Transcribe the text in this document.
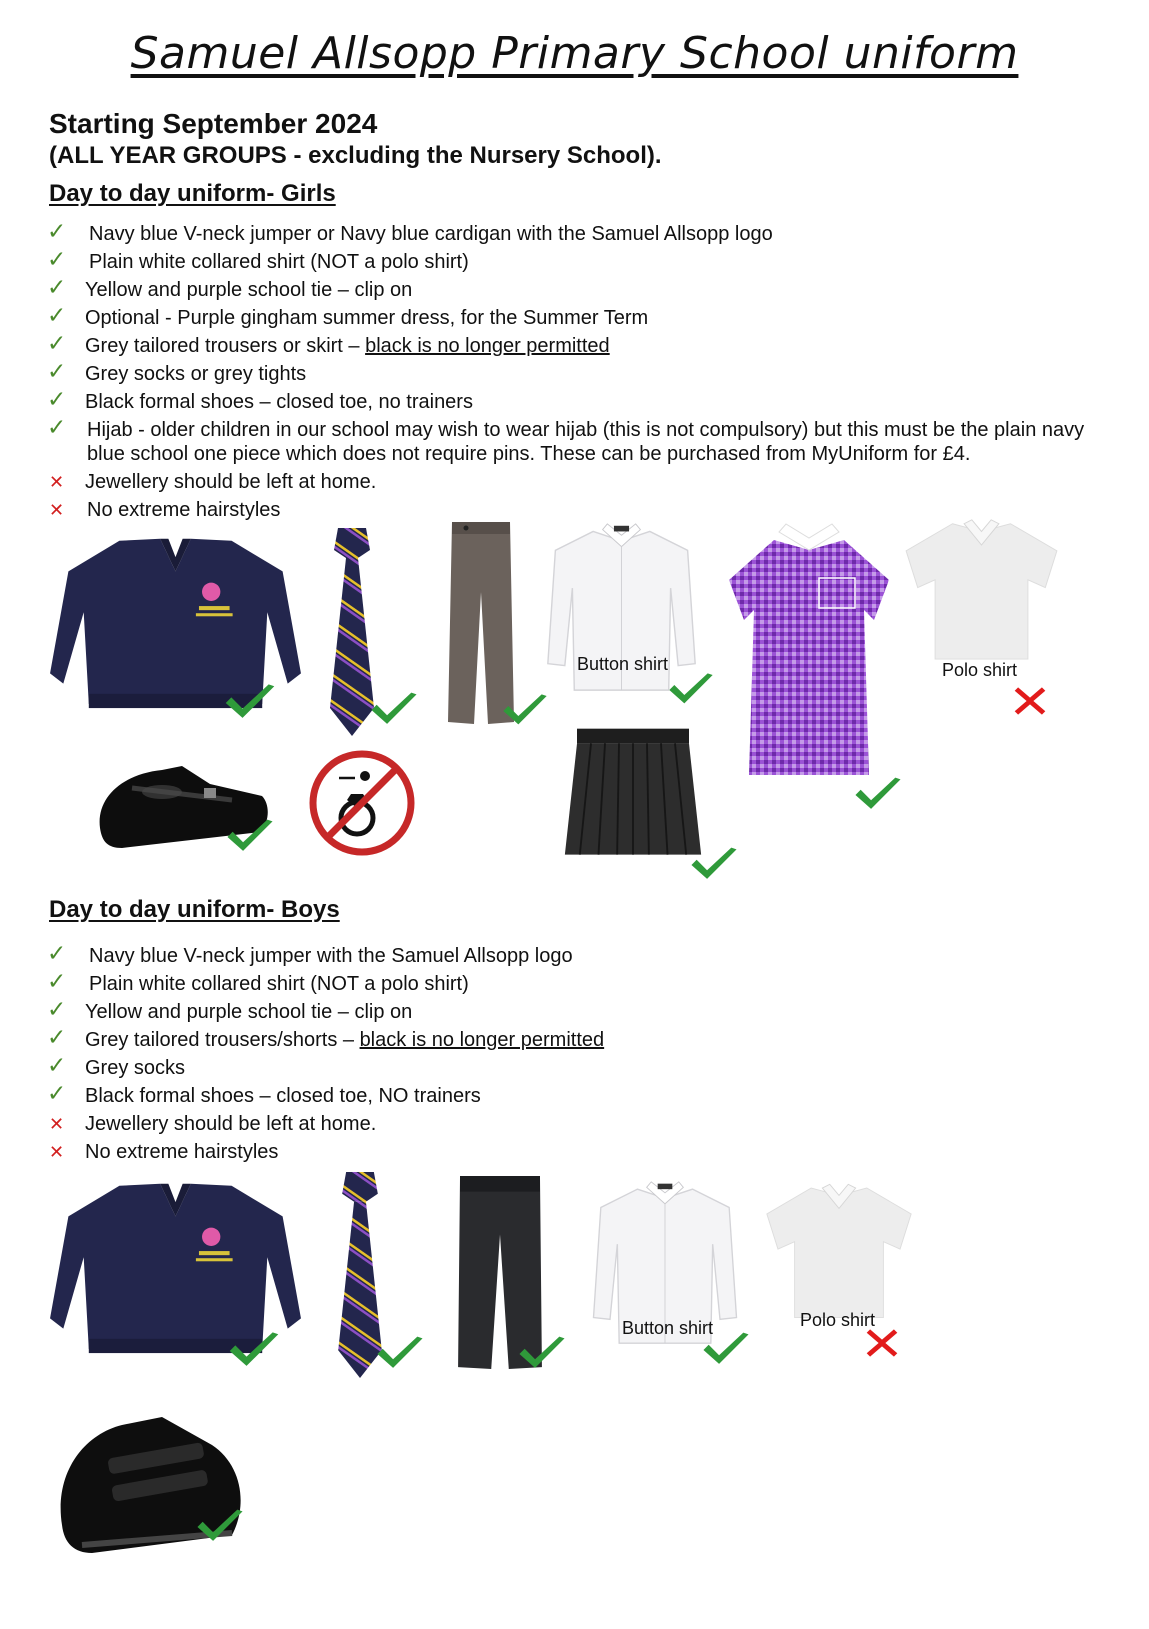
Samuel Allsopp Primary School uniform
Starting September 2024
(ALL YEAR GROUPS - excluding the Nursery School).
Day to day uniform- Girls
✓ Navy blue V-neck jumper or Navy blue cardigan with the Samuel Allsopp logo
✓ Plain white collared shirt (NOT a polo shirt)
✓ Yellow and purple school tie – clip on
✓ Optional - Purple gingham summer dress, for the Summer Term
✓ Grey tailored trousers or skirt – black is no longer permitted
✓ Grey socks or grey tights
✓ Black formal shoes – closed toe, no trainers
✓ Hijab - older children in our school may wish to wear hijab (this is not compulsory) but this must be the plain navy blue school one piece which does not require pins. These can be purchased from MyUniform for £4.
✕ Jewellery should be left at home.
✕ No extreme hairstyles
Button shirt	Polo shirt
Day to day uniform- Boys
✓ Navy blue V-neck jumper with the Samuel Allsopp logo
✓ Plain white collared shirt (NOT a polo shirt)
✓ Yellow and purple school tie – clip on
✓ Grey tailored trousers/shorts – black is no longer permitted
✓ Grey socks
✓ Black formal shoes – closed toe, NO trainers
✕ Jewellery should be left at home.
✕ No extreme hairstyles
Button shirt	Polo shirt
